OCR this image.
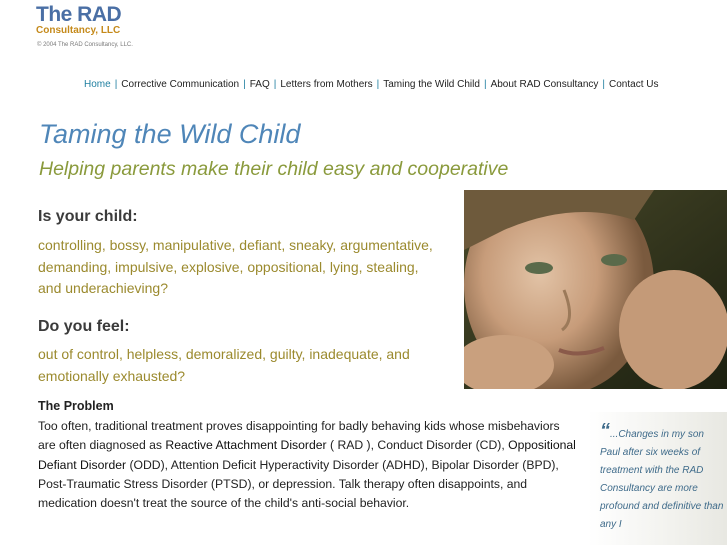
The RAD
Consultancy, LLC
© 2004 The RAD Consultancy, LLC.
Home | Corrective Communication | FAQ | Letters from Mothers | Taming the Wild Child | About RAD Consultancy | Contact Us
Taming the Wild Child
Helping parents make their child easy and cooperative
Is your child:
controlling, bossy, manipulative, defiant, sneaky, argumentative, demanding, impulsive, explosive, oppositional, lying, stealing, and underachieving?
Do you feel:
out of control, helpless, demoralized, guilty, inadequate, and emotionally exhausted?
The Problem
Too often, traditional treatment proves disappointing for badly behaving kids whose misbehaviors are often diagnosed as Reactive Attachment Disorder ( RAD ), Conduct Disorder (CD), Oppositional Defiant Disorder (ODD), Attention Deficit Hyperactivity Disorder (ADHD), Bipolar Disorder (BPD), Post-Traumatic Stress Disorder (PTSD), or depression. Talk therapy often disappoints, and medication doesn't treat the source of the child's anti-social behavior.
“...Changes in my son Paul after six weeks of treatment with the RAD Consultancy are more profound and definitive than any I
